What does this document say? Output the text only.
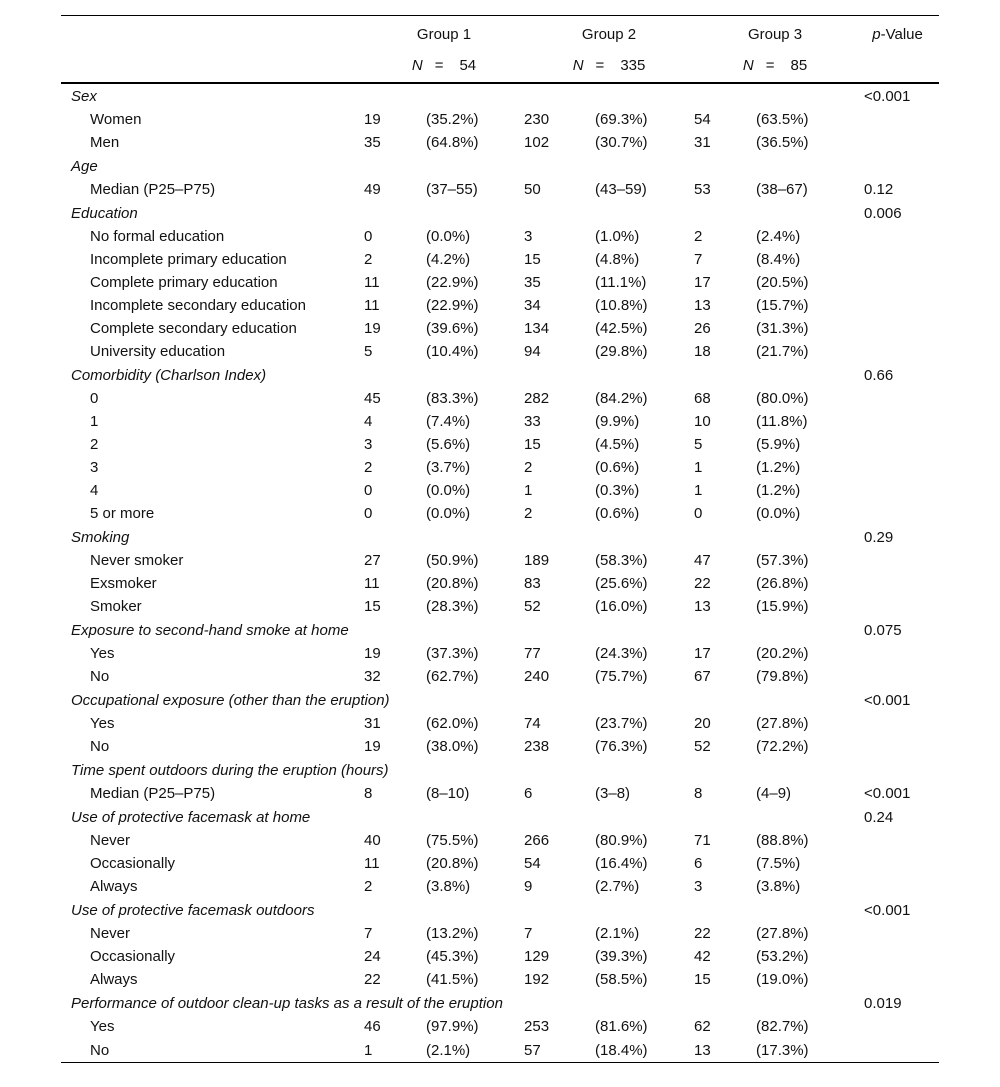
	Group 1		Group 2		Group 3		p-Value
	N = 54		N = 335		N = 85		
Sex							<0.001
Women	19	(35.2%)	230	(69.3%)	54	(63.5%)	
Men	35	(64.8%)	102	(30.7%)	31	(36.5%)	
Age							
Median (P25–P75)	49	(37–55)	50	(43–59)	53	(38–67)	0.12
Education							0.006
No formal education	0	(0.0%)	3	(1.0%)	2	(2.4%)	
Incomplete primary education	2	(4.2%)	15	(4.8%)	7	(8.4%)	
Complete primary education	11	(22.9%)	35	(11.1%)	17	(20.5%)	
Incomplete secondary education	11	(22.9%)	34	(10.8%)	13	(15.7%)	
Complete secondary education	19	(39.6%)	134	(42.5%)	26	(31.3%)	
University education	5	(10.4%)	94	(29.8%)	18	(21.7%)	
Comorbidity (Charlson Index)							0.66
0	45	(83.3%)	282	(84.2%)	68	(80.0%)	
1	4	(7.4%)	33	(9.9%)	10	(11.8%)	
2	3	(5.6%)	15	(4.5%)	5	(5.9%)	
3	2	(3.7%)	2	(0.6%)	1	(1.2%)	
4	0	(0.0%)	1	(0.3%)	1	(1.2%)	
5 or more	0	(0.0%)	2	(0.6%)	0	(0.0%)	
Smoking							0.29
Never smoker	27	(50.9%)	189	(58.3%)	47	(57.3%)	
Exsmoker	11	(20.8%)	83	(25.6%)	22	(26.8%)	
Smoker	15	(28.3%)	52	(16.0%)	13	(15.9%)	
Exposure to second-hand smoke at home							0.075
Yes	19	(37.3%)	77	(24.3%)	17	(20.2%)	
No	32	(62.7%)	240	(75.7%)	67	(79.8%)	
Occupational exposure (other than the eruption)							<0.001
Yes	31	(62.0%)	74	(23.7%)	20	(27.8%)	
No	19	(38.0%)	238	(76.3%)	52	(72.2%)	
Time spent outdoors during the eruption (hours)							
Median (P25–P75)	8	(8–10)	6	(3–8)	8	(4–9)	<0.001
Use of protective facemask at home							0.24
Never	40	(75.5%)	266	(80.9%)	71	(88.8%)	
Occasionally	11	(20.8%)	54	(16.4%)	6	(7.5%)	
Always	2	(3.8%)	9	(2.7%)	3	(3.8%)	
Use of protective facemask outdoors							<0.001
Never	7	(13.2%)	7	(2.1%)	22	(27.8%)	
Occasionally	24	(45.3%)	129	(39.3%)	42	(53.2%)	
Always	22	(41.5%)	192	(58.5%)	15	(19.0%)	
Performance of outdoor clean-up tasks as a result of the eruption							0.019
Yes	46	(97.9%)	253	(81.6%)	62	(82.7%)	
No	1	(2.1%)	57	(18.4%)	13	(17.3%)	
